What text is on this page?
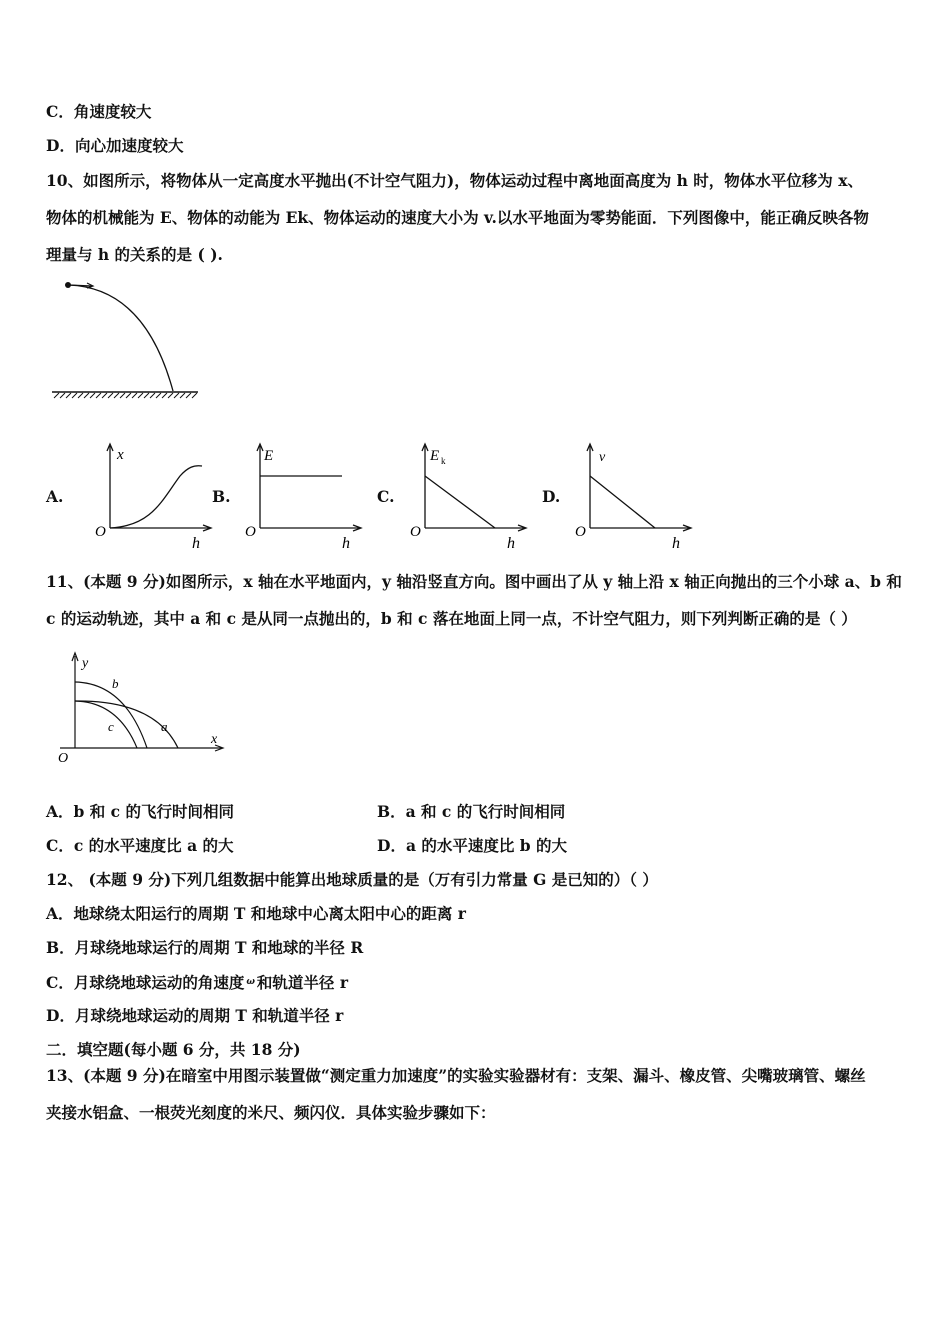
C．角速度较大
D．向心加速度较大
10、如图所示，将物体从一定高度水平抛出(不计空气阻力)，物体运动过程中离地面高度为 h 时，物体水平位移为 x、
物体的机械能为 E、物体的动能为 Ek、物体运动的速度大小为 v.以水平地面为零势能面．下列图像中，能正确反映各物
理量与 h 的关系的是 ( ).
A.	B.	C.	D.
x
O
h
E
O
h
E k
O
h
v
O
h
11、(本题 9 分)如图所示，x 轴在水平地面内，y 轴沿竖直方向。图中画出了从 y 轴上沿 x 轴正向抛出的三个小球 a、b 和
c 的运动轨迹，其中 a 和 c 是从同一点抛出的，b 和 c 落在地面上同一点，不计空气阻力，则下列判断正确的是（ ）
y
x
O
b
c	a
A．b 和 c 的飞行时间相同	B．a 和 c 的飞行时间相同
C．c 的水平速度比 a 的大	D．a 的水平速度比 b 的大
12、 (本题 9 分)下列几组数据中能算出地球质量的是（万有引力常量 G 是已知的）（ ）
A．地球绕太阳运行的周期 T 和地球中心离太阳中心的距离 r
B．月球绕地球运行的周期 T 和地球的半径 R
C．月球绕地球运动的角速度 $^\omega$ 和轨道半径 r
D．月球绕地球运动的周期 T 和轨道半径 r
二．填空题(每小题 6 分，共 18 分)
13、(本题 9 分)在暗室中用图示装置做“测定重力加速度”的实验实验器材有：支架、漏斗、橡皮管、尖嘴玻璃管、螺丝
夹接水铝盒、一根荧光刻度的米尺、频闪仪．具体实验步骤如下：
